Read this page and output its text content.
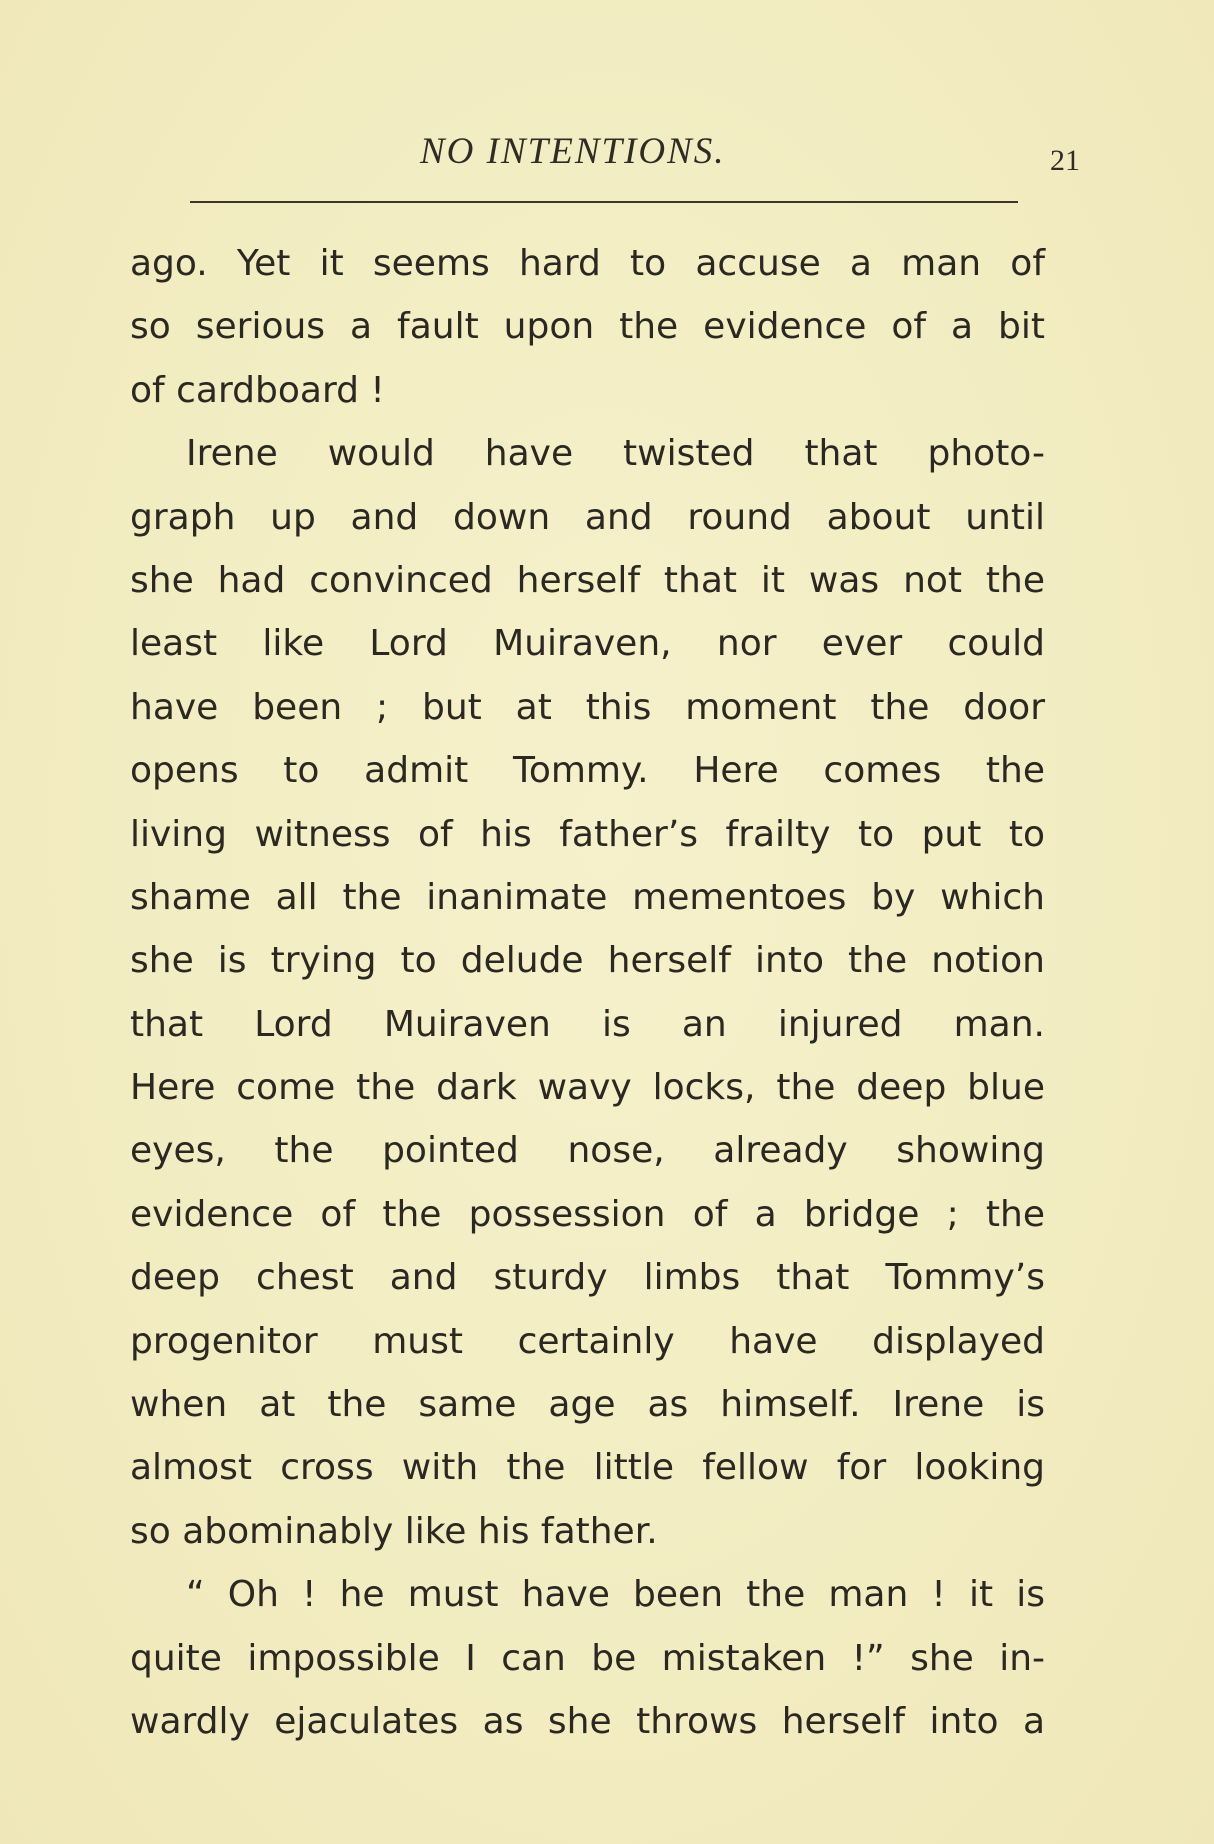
NO INTENTIONS.	21
ago. Yet it seems hard to accuse a man of
so serious a fault upon the evidence of a bit
of cardboard !
Irene would have twisted that photo-
graph up and down and round about until
she had convinced herself that it was not the
least like Lord Muiraven, nor ever could
have been ; but at this moment the door
opens to admit Tommy. Here comes the
living witness of his father’s frailty to put to
shame all the inanimate mementoes by which
she is trying to delude herself into the notion
that Lord Muiraven is an injured man.
Here come the dark wavy locks, the deep blue
eyes, the pointed nose, already showing
evidence of the possession of a bridge ; the
deep chest and sturdy limbs that Tommy’s
progenitor must certainly have displayed
when at the same age as himself. Irene is
almost cross with the little fellow for looking
so abominably like his father.
“ Oh ! he must have been the man ! it is
quite impossible I can be mistaken !” she in-
wardly ejaculates as she throws herself into a
